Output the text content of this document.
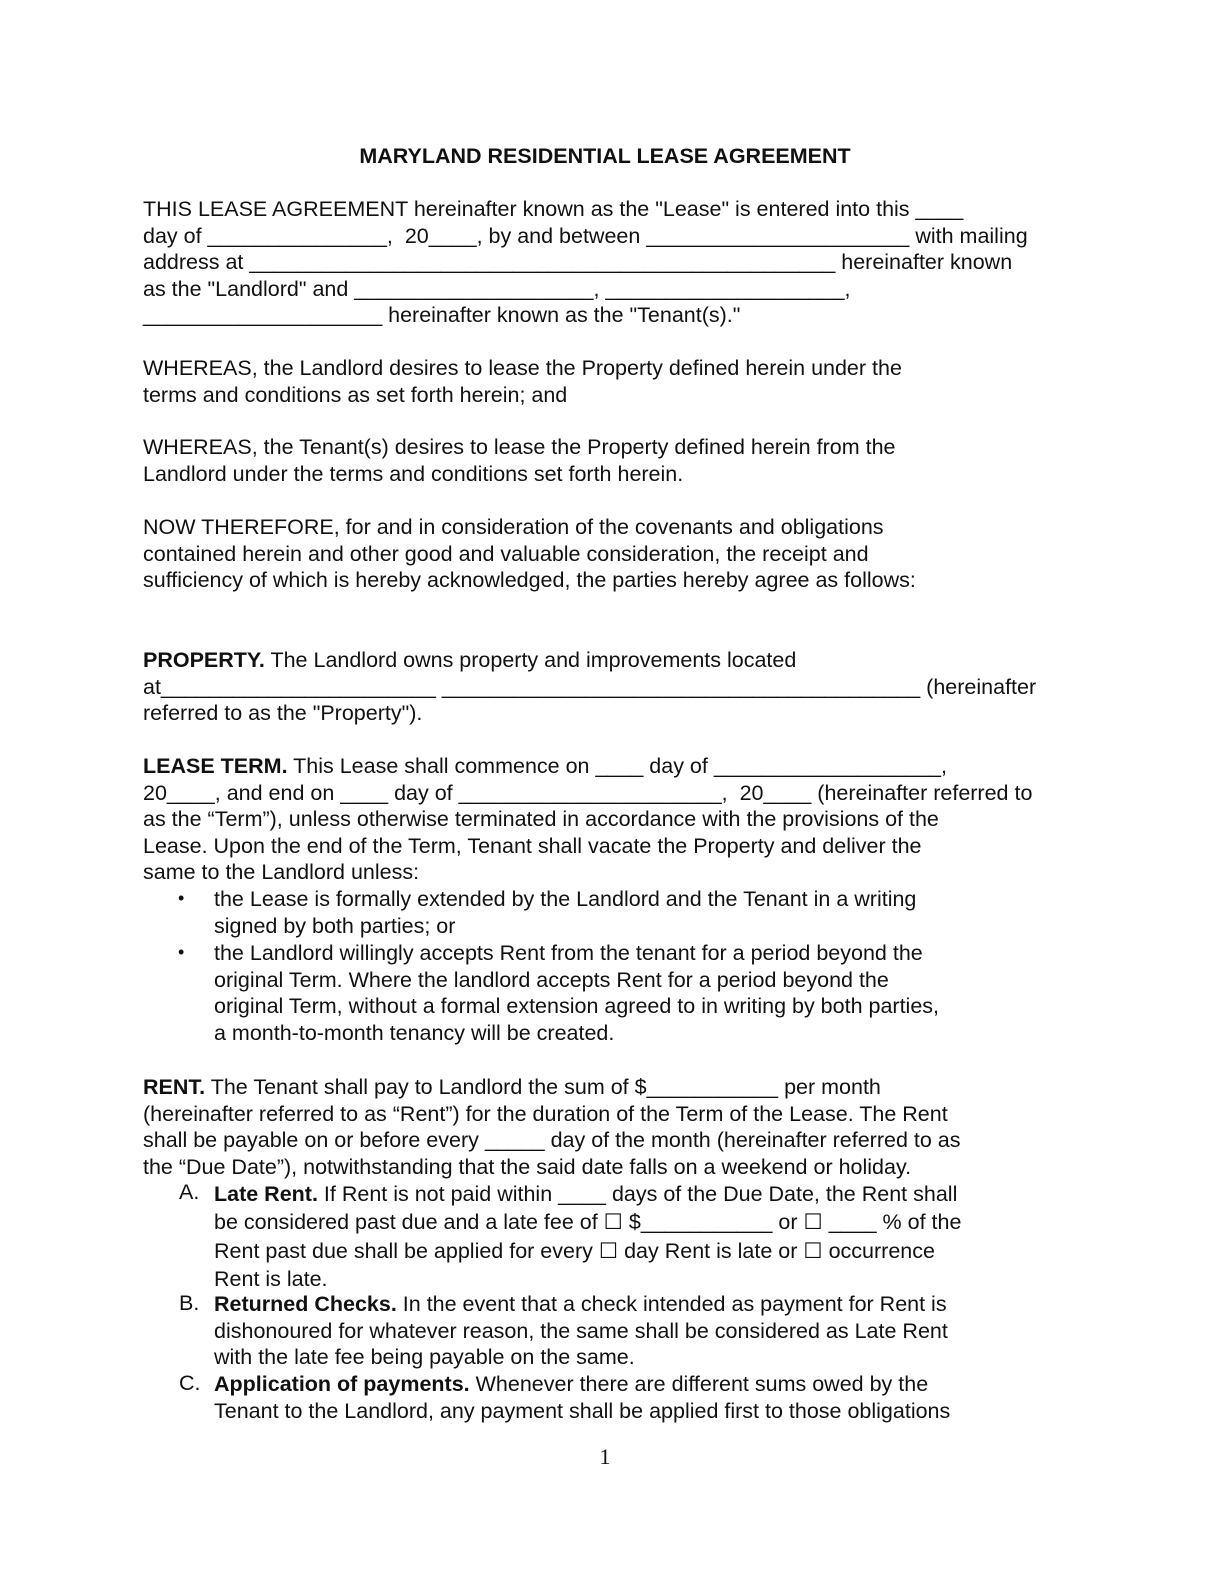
MARYLAND RESIDENTIAL LEASE AGREEMENT
THIS LEASE AGREEMENT hereinafter known as the "Lease" is entered into this ____
day of _______________,  20____, by and between ______________________ with mailing
address at _________________________________________________ hereinafter known
as the "Landlord" and ____________________, ____________________,
____________________ hereinafter known as the "Tenant(s)."
WHEREAS, the Landlord desires to lease the Property defined herein under the
terms and conditions as set forth herein; and
WHEREAS, the Tenant(s) desires to lease the Property defined herein from the
Landlord under the terms and conditions set forth herein.
NOW THEREFORE, for and in consideration of the covenants and obligations
contained herein and other good and valuable consideration, the receipt and
sufficiency of which is hereby acknowledged, the parties hereby agree as follows:
PROPERTY. The Landlord owns property and improvements located
at_______________________ ________________________________________ (hereinafter
referred to as the "Property").
LEASE TERM. This Lease shall commence on ____ day of ___________________,
20____, and end on ____ day of ______________________,  20____ (hereinafter referred to
as the “Term”), unless otherwise terminated in accordance with the provisions of the
Lease. Upon the end of the Term, Tenant shall vacate the Property and deliver the
same to the Landlord unless:
• the Lease is formally extended by the Landlord and the Tenant in a writing
signed by both parties; or
• the Landlord willingly accepts Rent from the tenant for a period beyond the
original Term. Where the landlord accepts Rent for a period beyond the
original Term, without a formal extension agreed to in writing by both parties,
a month-to-month tenancy will be created.
RENT. The Tenant shall pay to Landlord the sum of $___________ per month
(hereinafter referred to as “Rent”) for the duration of the Term of the Lease. The Rent
shall be payable on or before every _____ day of the month (hereinafter referred to as
the “Due Date”), notwithstanding that the said date falls on a weekend or holiday.
A. Late Rent. If Rent is not paid within ____ days of the Due Date, the Rent shall
be considered past due and a late fee of ☐ $___________ or ☐ ____ % of the
Rent past due shall be applied for every ☐ day Rent is late or ☐ occurrence
Rent is late.
B. Returned Checks. In the event that a check intended as payment for Rent is
dishonoured for whatever reason, the same shall be considered as Late Rent
with the late fee being payable on the same.
C. Application of payments. Whenever there are different sums owed by the
Tenant to the Landlord, any payment shall be applied first to those obligations
1
